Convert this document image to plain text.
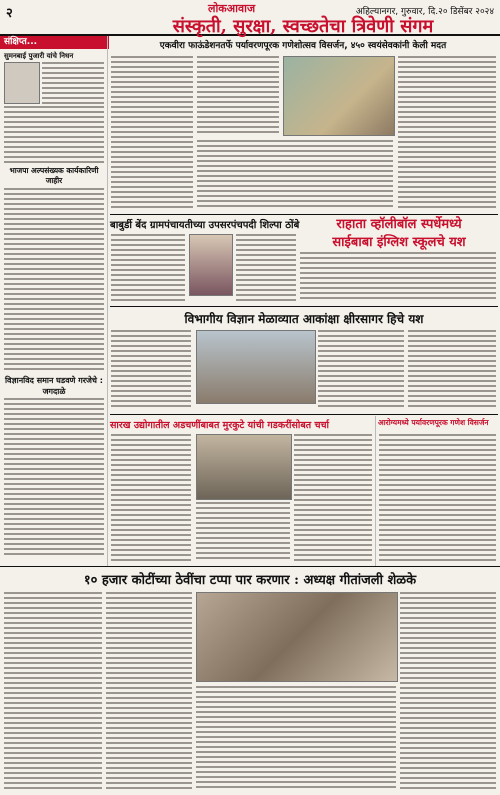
२	लोकआवाज	अहिल्यानगर, गुरुवार, दि.२० डिसेंबर २०२४
संक्षिप्त...
संस्कृती, सुरक्षा, स्वच्छतेचा त्रिवेणी संगम
एकवीरा फाऊंडेशनतर्फे पर्यावरणपूरक गणेशोत्सव विसर्जन, ४५० स्वयंसेवकांनी केली मदत
सुमनबाई पुजारी यांचे निधन
भाजपा अल्पसंख्यक कार्यकारिणी जाहीर
विज्ञानविद समान घडवणे गरजेचे : जगदाळे
बाबुर्डी बेंद ग्रामपंचायतीच्या उपसरपंचपदी शिल्पा ठोंबे	राहाता व्हॉलीबॉल स्पर्धेमध्ये
साईबाबा इंग्लिश स्कूलचे यश
विभागीय विज्ञान मेळाव्यात आकांक्षा क्षीरसागर हिचे यश
सारख उद्योगातील अडचणींबाबत मुरकुटे यांची गडकरींसोबत चर्चा	आरोग्यमध्ये पर्यावरणपूरक गणेश विसर्जन
१० हजार कोटींच्या ठेवींचा टप्पा पार करणार : अध्यक्ष गीतांजली शेळके
